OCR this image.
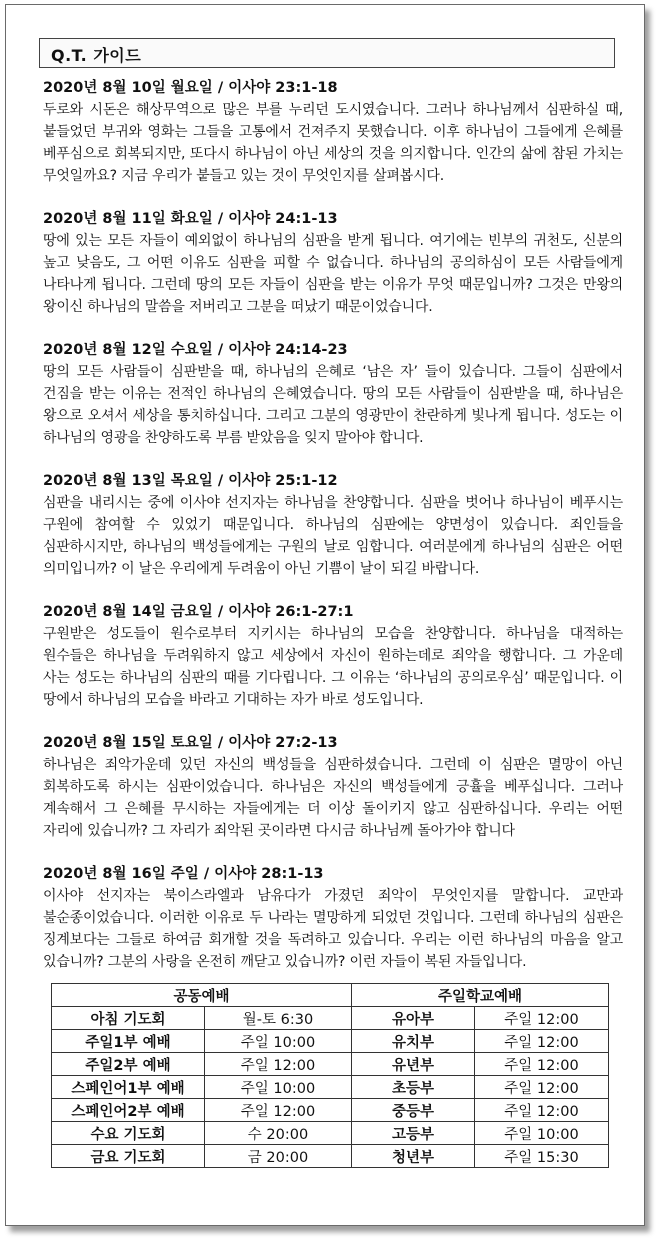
Q.T. 가이드
2020년 8월 10일 월요일 / 이사야 23:1-18
두로와 시돈은 해상무역으로 많은 부를 누리던 도시였습니다. 그러나 하나님께서 심판하실 때, 붙들었던 부귀와 영화는 그들을 고통에서 건져주지 못했습니다. 이후 하나님이 그들에게 은혜를 베푸심으로 회복되지만, 또다시 하나님이 아닌 세상의 것을 의지합니다. 인간의 삶에 참된 가치는 무엇일까요? 지금 우리가 붙들고 있는 것이 무엇인지를 살펴봅시다.
2020년 8월 11일 화요일 / 이사야 24:1-13
땅에 있는 모든 자들이 예외없이 하나님의 심판을 받게 됩니다. 여기에는 빈부의 귀천도, 신분의 높고 낮음도, 그 어떤 이유도 심판을 피할 수 없습니다. 하나님의 공의하심이 모든 사람들에게 나타나게 됩니다. 그런데 땅의 모든 자들이 심판을 받는 이유가 무엇 때문입니까? 그것은 만왕의 왕이신 하나님의 말씀을 저버리고 그분을 떠났기 때문이었습니다.
2020년 8월 12일 수요일 / 이사야 24:14-23
땅의 모든 사람들이 심판받을 때, 하나님의 은혜로 ‘남은 자’ 들이 있습니다. 그들이 심판에서 건짐을 받는 이유는 전적인 하나님의 은혜였습니다. 땅의 모든 사람들이 심판받을 때, 하나님은 왕으로 오셔서 세상을 통치하십니다. 그리고 그분의 영광만이 찬란하게 빛나게 됩니다. 성도는 이 하나님의 영광을 찬양하도록 부름 받았음을 잊지 말아야 합니다.
2020년 8월 13일 목요일 / 이사야 25:1-12
심판을 내리시는 중에 이사야 선지자는 하나님을 찬양합니다. 심판을 벗어나 하나님이 베푸시는 구원에 참여할 수 있었기 때문입니다. 하나님의 심판에는 양면성이 있습니다. 죄인들을 심판하시지만, 하나님의 백성들에게는 구원의 날로 임합니다. 여러분에게 하나님의 심판은 어떤 의미입니까? 이 날은 우리에게 두려움이 아닌 기쁨이 날이 되길 바랍니다.
2020년 8월 14일 금요일 / 이사야 26:1-27:1
구원받은 성도들이 원수로부터 지키시는 하나님의 모습을 찬양합니다. 하나님을 대적하는 원수들은 하나님을 두려워하지 않고 세상에서 자신이 원하는데로 죄악을 행합니다. 그 가운데 사는 성도는 하나님의 심판의 때를 기다립니다. 그 이유는 ‘하나님의 공의로우심’ 때문입니다. 이 땅에서 하나님의 모습을 바라고 기대하는 자가 바로 성도입니다.
2020년 8월 15일 토요일 / 이사야 27:2-13
하나님은 죄악가운데 있던 자신의 백성들을 심판하셨습니다. 그런데 이 심판은 멸망이 아닌 회복하도록 하시는 심판이었습니다. 하나님은 자신의 백성들에게 긍휼을 베푸십니다. 그러나 계속해서 그 은혜를 무시하는 자들에게는 더 이상 돌이키지 않고 심판하십니다. 우리는 어떤 자리에 있습니까? 그 자리가 죄악된 곳이라면 다시금 하나님께 돌아가야 합니다
2020년 8월 16일 주일 / 이사야 28:1-13
이사야 선지자는 북이스라엘과 남유다가 가졌던 죄악이 무엇인지를 말합니다. 교만과 불순종이었습니다. 이러한 이유로 두 나라는 멸망하게 되었던 것입니다. 그런데 하나님의 심판은 징계보다는 그들로 하여금 회개할 것을 독려하고 있습니다. 우리는 이런 하나님의 마음을 알고 있습니까? 그분의 사랑을 온전히 깨닫고 있습니까? 이런 자들이 복된 자들입니다.
공동예배		주일학교예배	
아침 기도회	월-토 6:30	유아부	주일 12:00
주일1부 예배	주일 10:00	유치부	주일 12:00
주일2부 예배	주일 12:00	유년부	주일 12:00
스페인어1부 예배	주일 10:00	초등부	주일 12:00
스페인어2부 예배	주일 12:00	중등부	주일 12:00
수요 기도회	수 20:00	고등부	주일 10:00
금요 기도회	금 20:00	청년부	주일 15:30
